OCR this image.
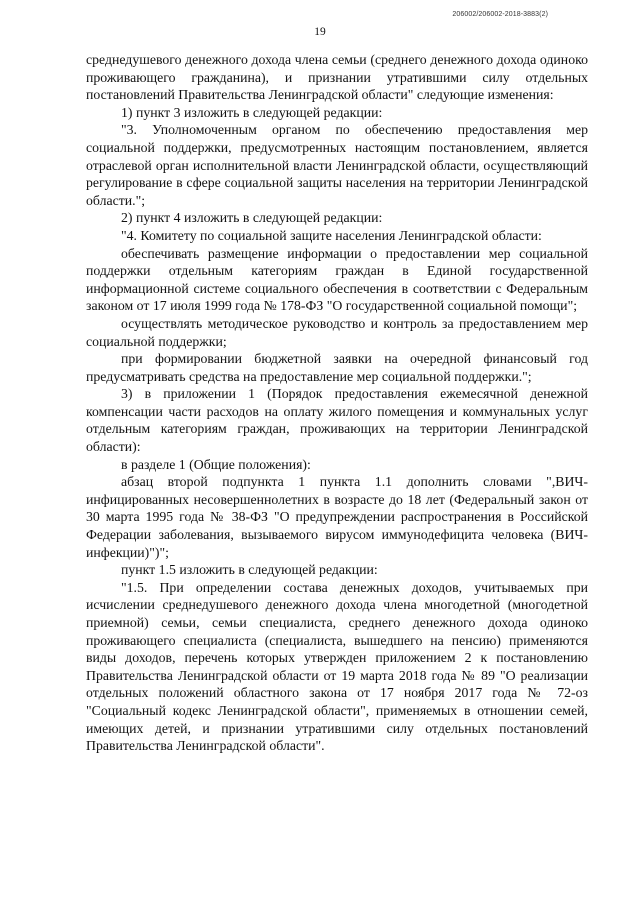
206002/206002-2018-3883(2)
19

среднедушевого денежного дохода члена семьи (среднего денежного дохода одиноко проживающего гражданина), и признании утратившими силу отдельных постановлений Правительства Ленинградской области" следующие изменения:

1) пункт 3 изложить в следующей редакции:

"3. Уполномоченным органом по обеспечению предоставления мер социальной поддержки, предусмотренных настоящим постановлением, является отраслевой орган исполнительной власти Ленинградской области, осуществляющий регулирование в сфере социальной защиты населения на территории Ленинградской области.";

2) пункт 4 изложить в следующей редакции:

"4. Комитету по социальной защите населения Ленинградской области:

обеспечивать размещение информации о предоставлении мер социальной поддержки отдельным категориям граждан в Единой государственной информационной системе социального обеспечения в соответствии с Федеральным законом от 17 июля 1999 года № 178-ФЗ "О государственной социальной помощи";

осуществлять методическое руководство и контроль за предоставлением мер социальной поддержки;

при формировании бюджетной заявки на очередной финансовый год предусматривать средства на предоставление мер социальной поддержки.";

3) в приложении 1 (Порядок предоставления ежемесячной денежной компенсации части расходов на оплату жилого помещения и коммунальных услуг отдельным категориям граждан, проживающих на территории Ленинградской области):

в разделе 1 (Общие положения):

абзац второй подпункта 1 пункта 1.1 дополнить словами ",ВИЧ-инфицированных несовершеннолетних в возрасте до 18 лет (Федеральный закон от 30 марта 1995 года № 38-ФЗ "О предупреждении распространения в Российской Федерации заболевания, вызываемого вирусом иммунодефицита человека (ВИЧ-инфекции)")";

пункт 1.5 изложить в следующей редакции:

"1.5. При определении состава денежных доходов, учитываемых при исчислении среднедушевого денежного дохода члена многодетной (многодетной приемной) семьи, семьи специалиста, среднего денежного дохода одиноко проживающего специалиста (специалиста, вышедшего на пенсию) применяются виды доходов, перечень которых утвержден приложением 2 к постановлению Правительства Ленинградской области от 19 марта 2018 года № 89 "О реализации отдельных положений областного закона от 17 ноября 2017 года № 72-оз "Социальный кодекс Ленинградской области", применяемых в отношении семей, имеющих детей, и признании утратившими силу отдельных постановлений Правительства Ленинградской области".
